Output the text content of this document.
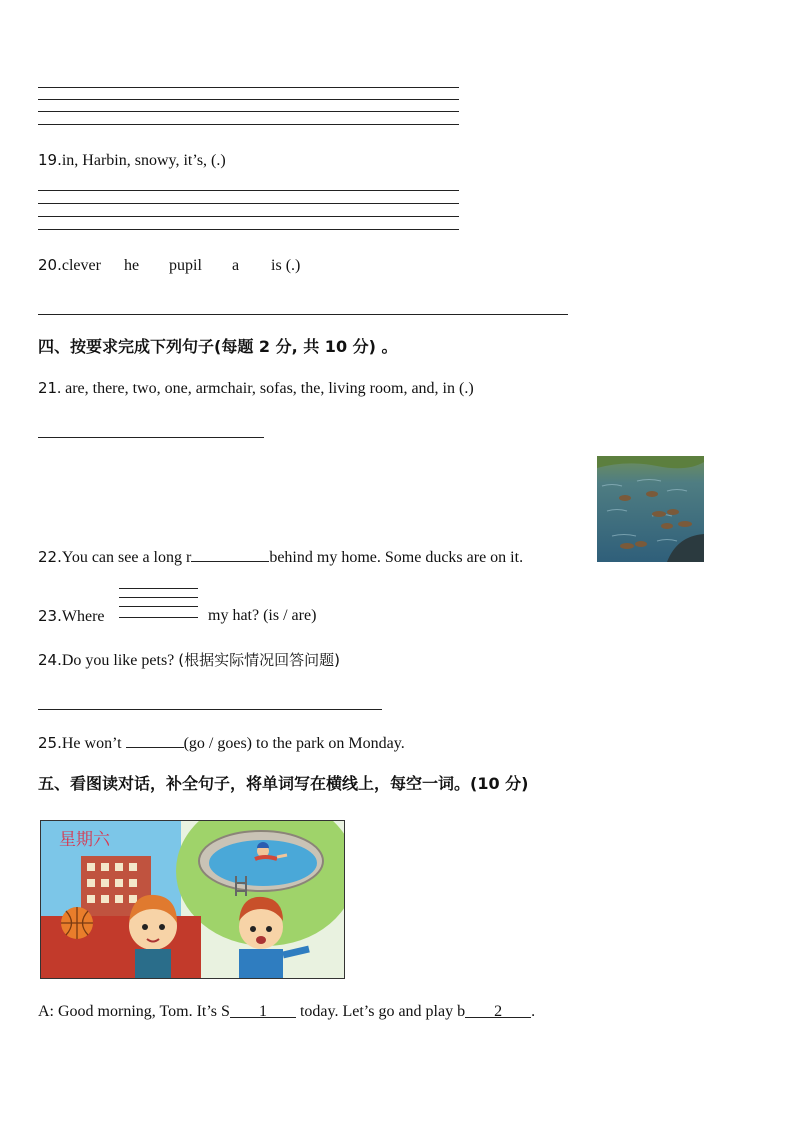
19.in, Harbin, snowy, it’s, (.)
20.clever he pupil a is (.)
四、按要求完成下列句子(每题 2 分, 共 10 分) 。
21. are, there, two, one, armchair, sofas, the, living room, and, in (.)
22.You can see a long r	behind my home. Some ducks are on it.
23.Where	my hat? (is / are)
24.Do you like pets? (根据实际情况回答问题)
25.He won’t	(go / goes) to the park on Monday.
五、看图读对话，补全句子，将单词写在横线上，每空一词。(10 分)
星期六
A: Good morning, Tom. It’s S 1 today. Let’s go and play b 2 .
